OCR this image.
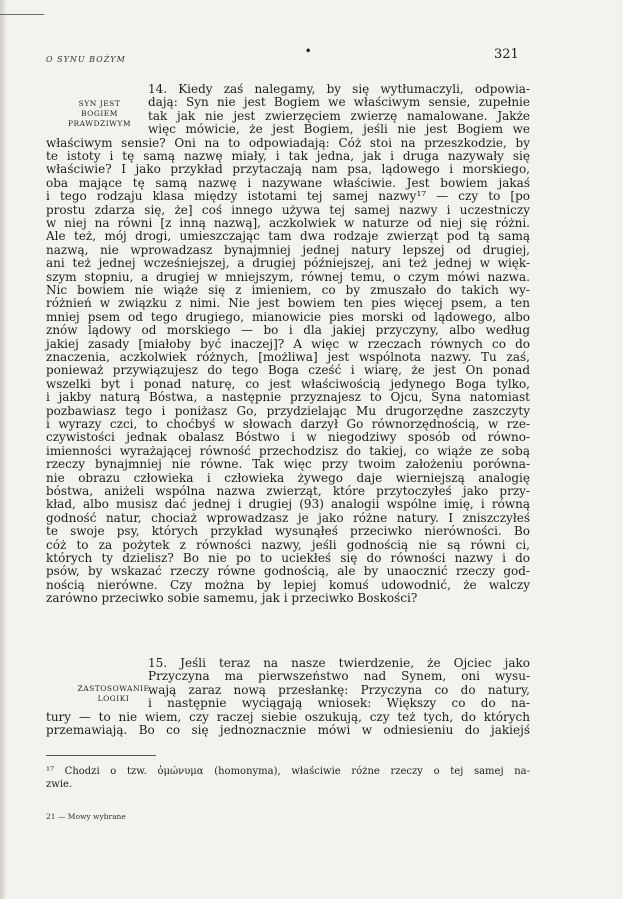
O SYNU BOŻYM
•	321
SYN JEST
BOGIEM
PRAWDZIWYM
ZASTOSOWANIE
LOGIKI
14. Kiedy zaś nalegamy, by się wytłumaczyli, odpowia-
dają: Syn nie jest Bogiem we właściwym sensie, zupełnie
tak jak nie jest zwierzęciem zwierzę namalowane. Jakże
więc mówicie, że jest Bogiem, jeśli nie jest Bogiem we
właściwym sensie? Oni na to odpowiadają: Cóż stoi na przeszkodzie, by
te istoty i tę samą nazwę miały, i tak jedna, jak i druga nazywały się
właściwie? I jako przykład przytaczają nam psa, lądowego i morskiego,
oba mające tę samą nazwę i nazywane właściwie. Jest bowiem jakaś
i tego rodzaju klasa między istotami tej samej nazwy¹⁷ — czy to [po
prostu zdarza się, że] coś innego używa tej samej nazwy i uczestniczy
w niej na równi [z inną nazwą], aczkolwiek w naturze od niej się różni.
Ale też, mój drogi, umieszczając tam dwa rodzaje zwierząt pod tą samą
nazwą, nie wprowadzasz bynajmniej jednej natury lepszej od drugiej,
ani też jednej wcześniejszej, a drugiej późniejszej, ani też jednej w więk-
szym stopniu, a drugiej w mniejszym, równej temu, o czym mówi nazwa.
Nic bowiem nie wiąże się z imieniem, co by zmuszało do takich wy-
różnień w związku z nimi. Nie jest bowiem ten pies więcej psem, a ten
mniej psem od tego drugiego, mianowicie pies morski od lądowego, albo
znów lądowy od morskiego — bo i dla jakiej przyczyny, albo według
jakiej zasady [miałoby być inaczej]? A więc w rzeczach równych co do
znaczenia, aczkolwiek różnych, [możliwa] jest wspólnota nazwy. Tu zaś,
ponieważ przywiązujesz do tego Boga cześć i wiarę, że jest On ponad
wszelki byt i ponad naturę, co jest właściwością jedynego Boga tylko,
i jakby naturą Bóstwa, a następnie przyznajesz to Ojcu, Syna natomiast
pozbawiasz tego i poniżasz Go, przydzielając Mu drugorzędne zaszczyty
i wyrazy czci, to choćbyś w słowach darzył Go równorzędnością, w rze-
czywistości jednak obalasz Bóstwo i w niegodziwy sposób od równo-
imienności wyrażającej równość przechodzisz do takiej, co wiąże ze sobą
rzeczy bynajmniej nie równe. Tak więc przy twoim założeniu porówna-
nie obrazu człowieka i człowieka żywego daje wierniejszą analogię
bóstwa, aniżeli wspólna nazwa zwierząt, które przytoczyłeś jako przy-
kład, albo musisz dać jednej i drugiej (93) analogii wspólne imię, i równą
godność natur, chociaż wprowadzasz je jako różne natury. I zniszczyłeś
te swoje psy, których przykład wysunąłeś przeciwko nierówności. Bo
cóż to za pożytek z równości nazwy, jeśli godnością nie są równi ci,
których ty dzielisz? Bo nie po to uciekłeś się do równości nazwy i do
psów, by wskazać rzeczy równe godnością, ale by unaocznić rzeczy god-
nością nierówne. Czy można by lepiej komuś udowodnić, że walczy
zarówno przeciwko sobie samemu, jak i przeciwko Boskości?
15. Jeśli teraz na nasze twierdzenie, że Ojciec jako
Przyczyna ma pierwszeństwo nad Synem, oni wysu-
wają zaraz nową przesłankę: Przyczyna co do natury,
i następnie wyciągają wniosek: Większy co do na-
tury — to nie wiem, czy raczej siebie oszukują, czy też tych, do których
przemawiają. Bo co się jednoznacznie mówi w odniesieniu do jakiejś
¹⁷ Chodzi o tzw. ὁμώνυμα (homonyma), właściwie różne rzeczy o tej samej na-
zwie.
21 — Mowy wybrane
